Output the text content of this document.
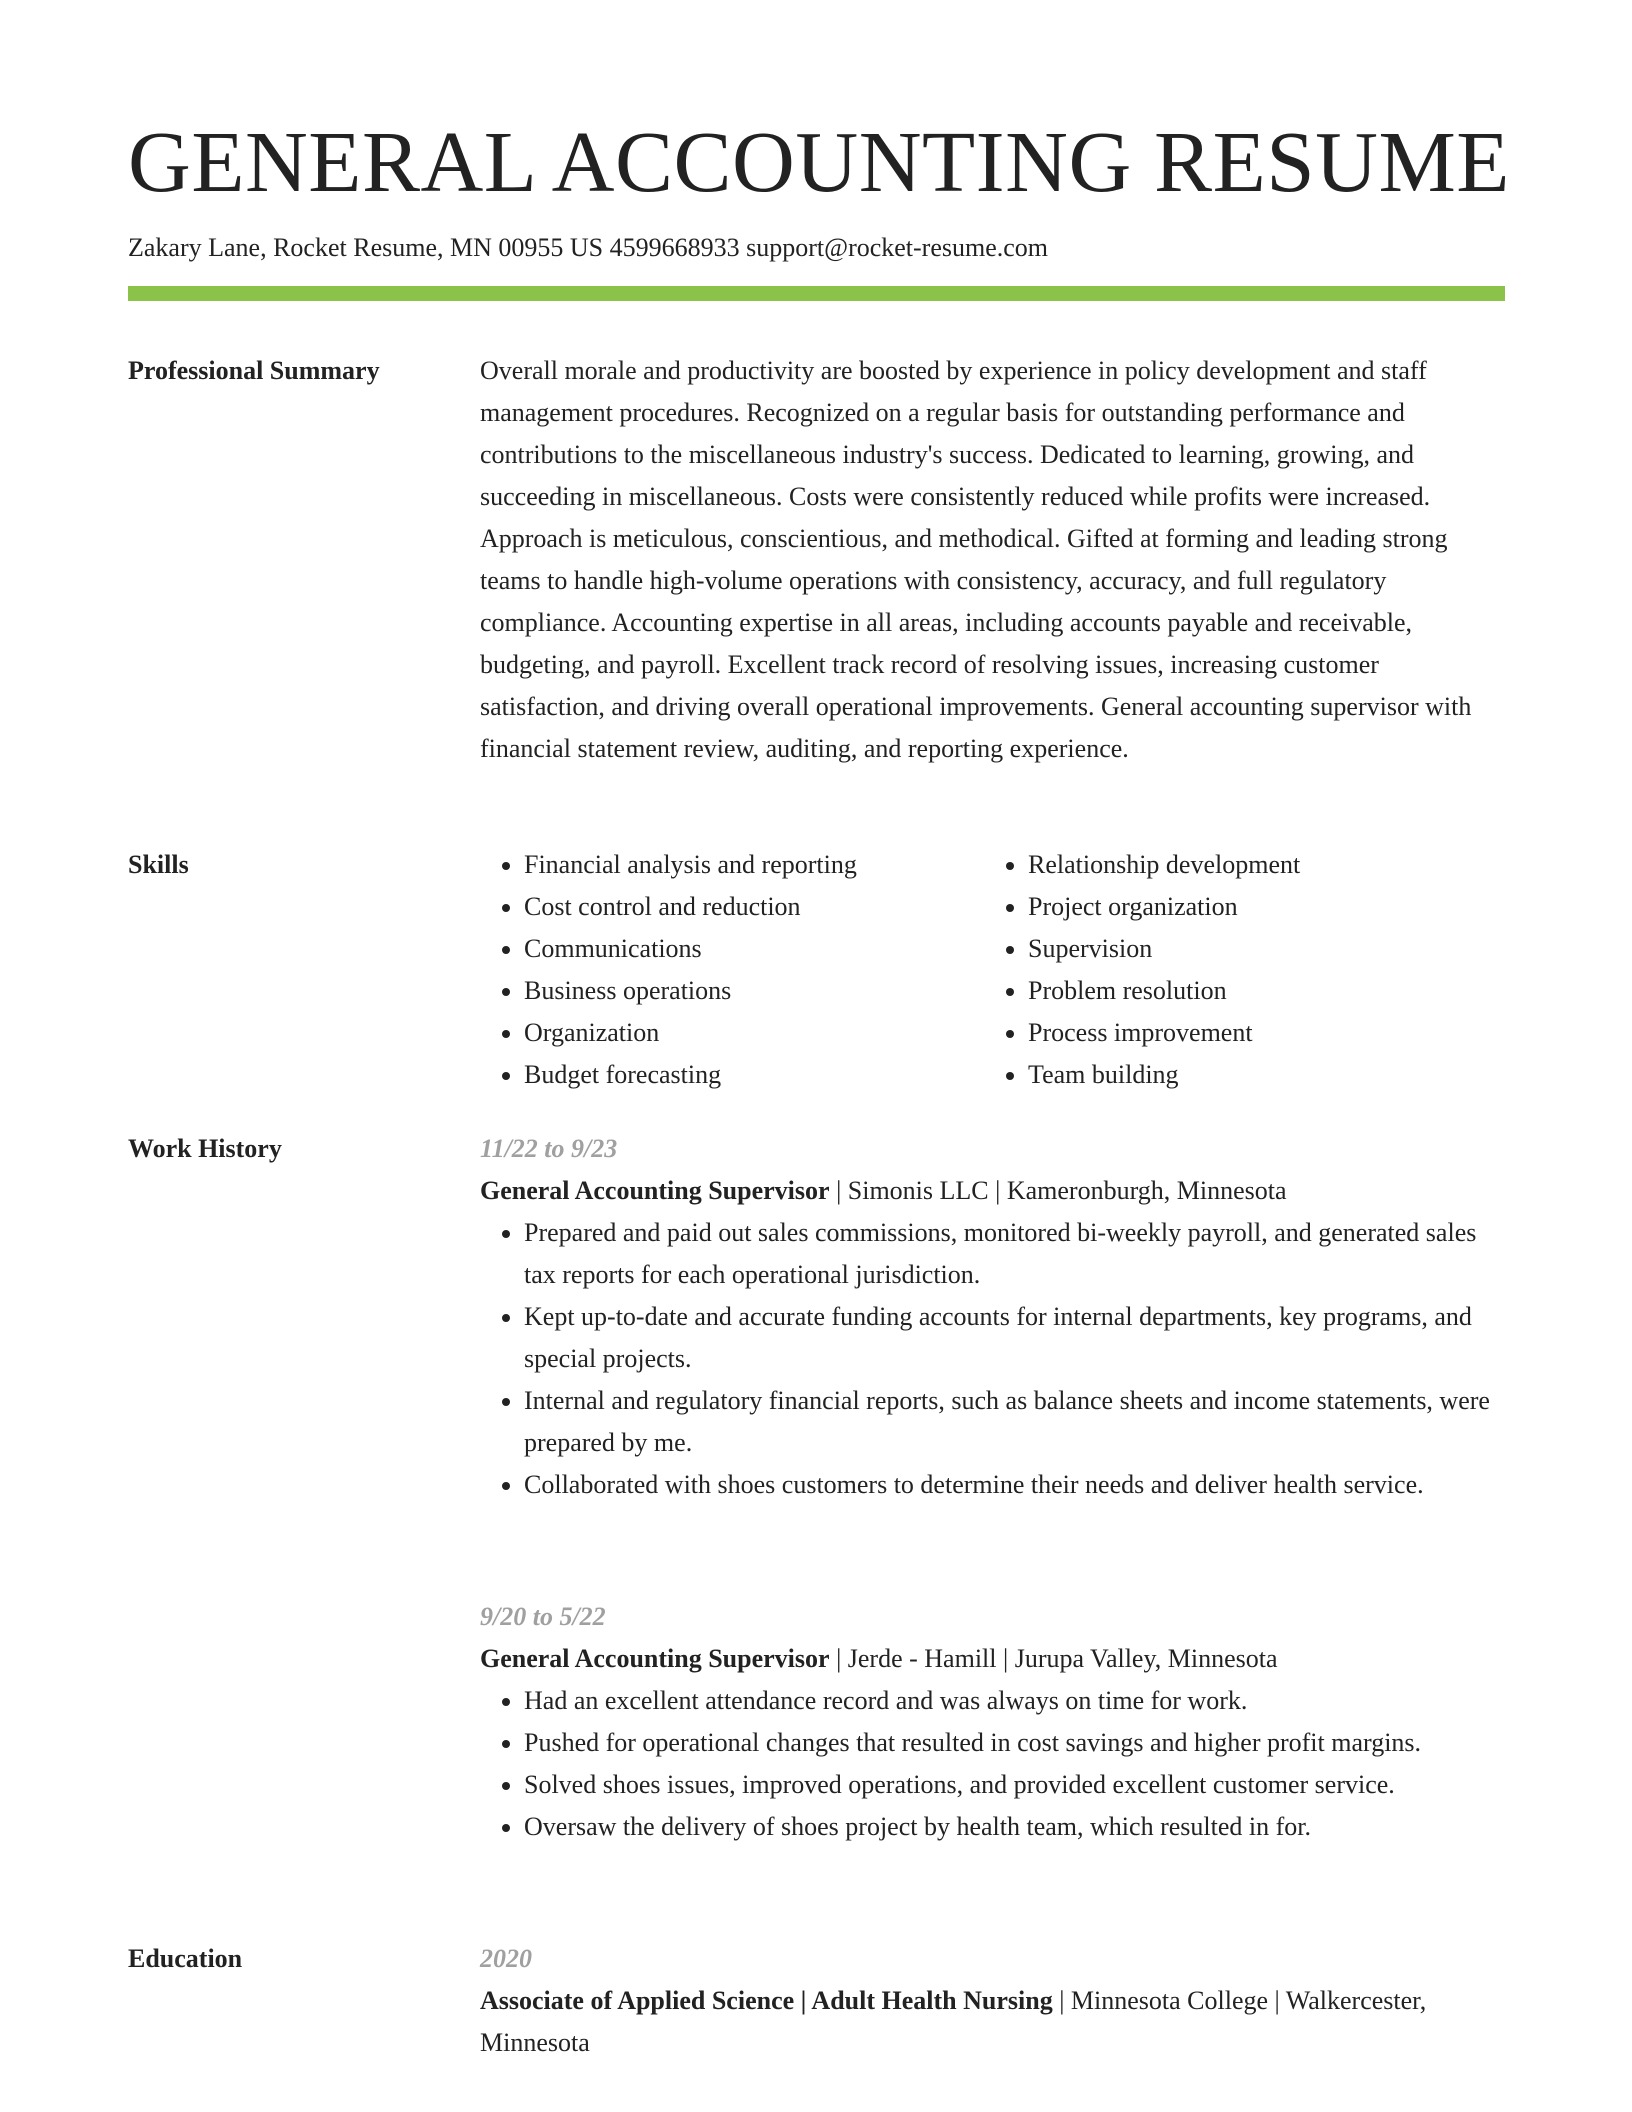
GENERAL ACCOUNTING RESUME
Zakary Lane, Rocket Resume, MN 00955 US 4599668933 support@rocket-resume.com
Professional Summary	Overall morale and productivity are boosted by experience in policy development and staff management procedures. Recognized on a regular basis for outstanding performance and contributions to the miscellaneous industry's success. Dedicated to learning, growing, and succeeding in miscellaneous. Costs were consistently reduced while profits were increased. Approach is meticulous, conscientious, and methodical. Gifted at forming and leading strong teams to handle high-volume operations with consistency, accuracy, and full regulatory compliance. Accounting expertise in all areas, including accounts payable and receivable, budgeting, and payroll. Excellent track record of resolving issues, increasing customer satisfaction, and driving overall operational improvements. General accounting supervisor with financial statement review, auditing, and reporting experience.

Skills
•	Financial analysis and reporting
• Cost control and reduction
• Communications
• Business operations
• Organization
• Budget forecasting
• Relationship development
• Project organization
• Supervision
• Problem resolution
• Process improvement
• Team building
Work History	11/22 to 9/23
General Accounting Supervisor | Simonis LLC | Kameronburgh, Minnesota
• Prepared and paid out sales commissions, monitored bi-weekly payroll, and generated sales tax reports for each operational jurisdiction.
• Kept up-to-date and accurate funding accounts for internal departments, key programs, and special projects.
• Internal and regulatory financial reports, such as balance sheets and income statements, were prepared by me.
• Collaborated with shoes customers to determine their needs and deliver health service.
9/20 to 5/22
General Accounting Supervisor | Jerde - Hamill | Jurupa Valley, Minnesota
• Had an excellent attendance record and was always on time for work.
• Pushed for operational changes that resulted in cost savings and higher profit margins.
• Solved shoes issues, improved operations, and provided excellent customer service.
• Oversaw the delivery of shoes project by health team, which resulted in for.
Education	2020
Associate of Applied Science | Adult Health Nursing | Minnesota College | Walkercester, Minnesota
